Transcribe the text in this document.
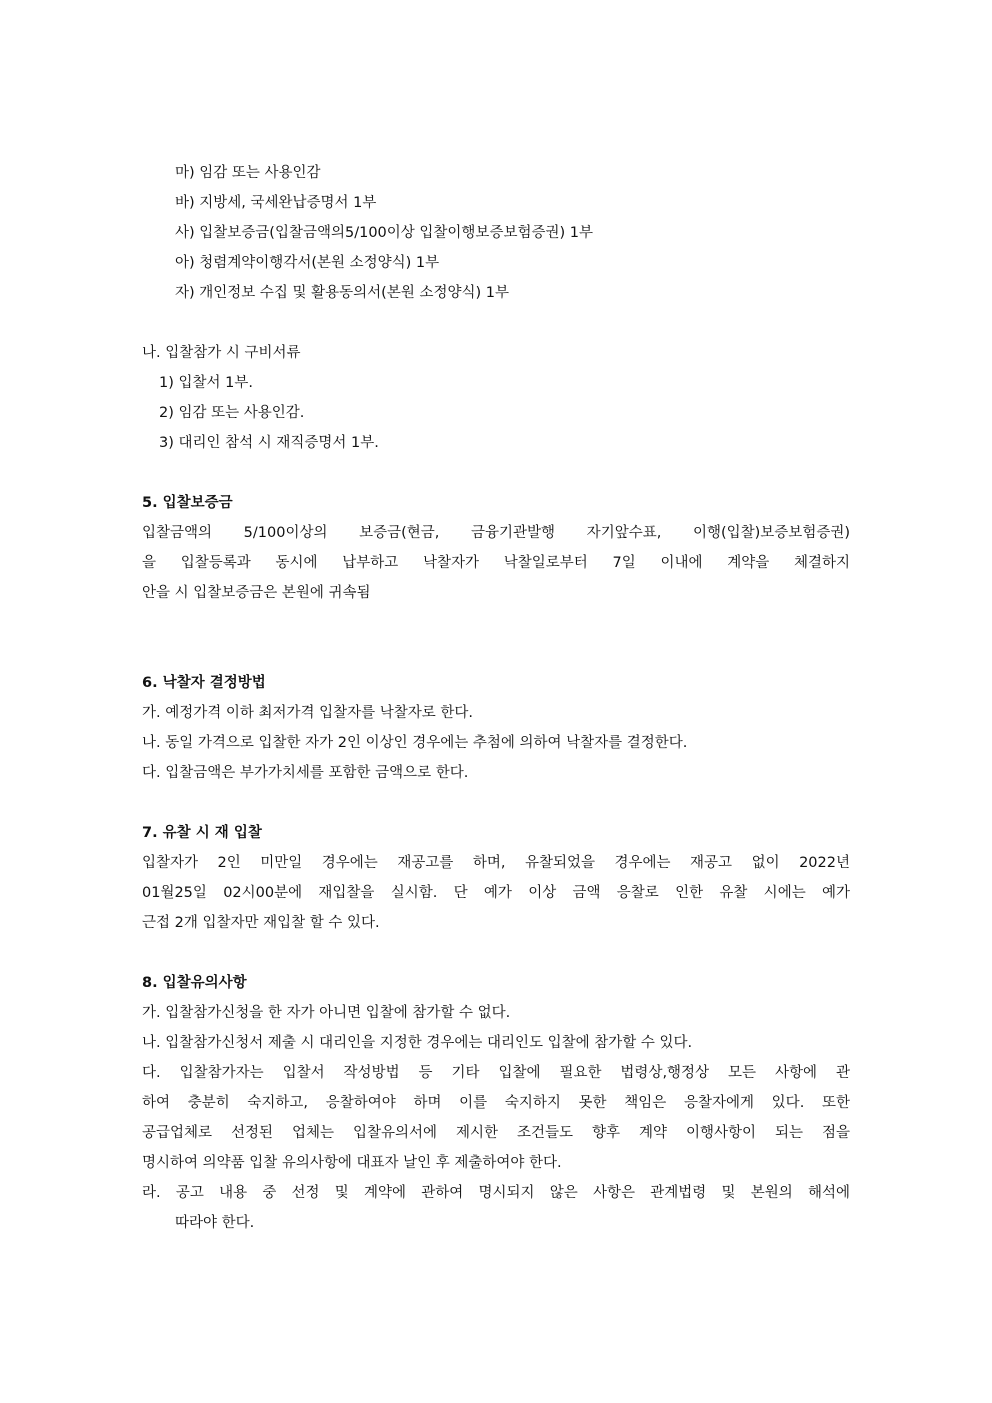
마) 임감 또는 사용인감
바) 지방세, 국세완납증명서 1부
사) 입찰보증금(입찰금액의5/100이상 입찰이행보증보험증권) 1부
아) 청렴계약이행각서(본원 소정양식) 1부
자) 개인정보 수집 및 활용동의서(본원 소정양식) 1부
나. 입찰참가 시 구비서류
1) 입찰서 1부.
2) 임감 또는 사용인감.
3) 대리인 참석 시 재직증명서 1부.
5. 입찰보증금
입찰금액의 5/100이상의 보증금(현금, 금융기관발행 자기앞수표, 이행(입찰)보증보험증권)
을 입찰등록과 동시에 납부하고 낙찰자가 낙찰일로부터 7일 이내에 계약을 체결하지
안을 시 입찰보증금은 본원에 귀속됨
6. 낙찰자 결정방법
가. 예정가격 이하 최저가격 입찰자를 낙찰자로 한다.
나. 동일 가격으로 입찰한 자가 2인 이상인 경우에는 추첨에 의하여 낙찰자를 결정한다.
다. 입찰금액은 부가가치세를 포함한 금액으로 한다.
7. 유찰 시 재 입찰
입찰자가 2인 미만일 경우에는 재공고를 하며, 유찰되었을 경우에는 재공고 없이 2022년
01월25일 02시00분에 재입찰을 실시함. 단 예가 이상 금액 응찰로 인한 유찰 시에는 예가
근접 2개 입찰자만 재입찰 할 수 있다.
8. 입찰유의사항
가. 입찰참가신청을 한 자가 아니면 입찰에 참가할 수 없다.
나. 입찰참가신청서 제출 시 대리인을 지정한 경우에는 대리인도 입찰에 참가할 수 있다.
다. 입찰참가자는 입찰서 작성방법 등 기타 입찰에 필요한 법령상,행정상 모든 사항에 관
하여 충분히 숙지하고, 응찰하여야 하며 이를 숙지하지 못한 책임은 응찰자에게 있다. 또한
공급업체로 선정된 업체는 입찰유의서에 제시한 조건들도 향후 계약 이행사항이 되는 점을
명시하여 의약품 입찰 유의사항에 대표자 날인 후 제출하여야 한다.
라. 공고 내용 중 선정 및 계약에 관하여 명시되지 않은 사항은 관계법령 및 본원의 해석에
따라야 한다.
